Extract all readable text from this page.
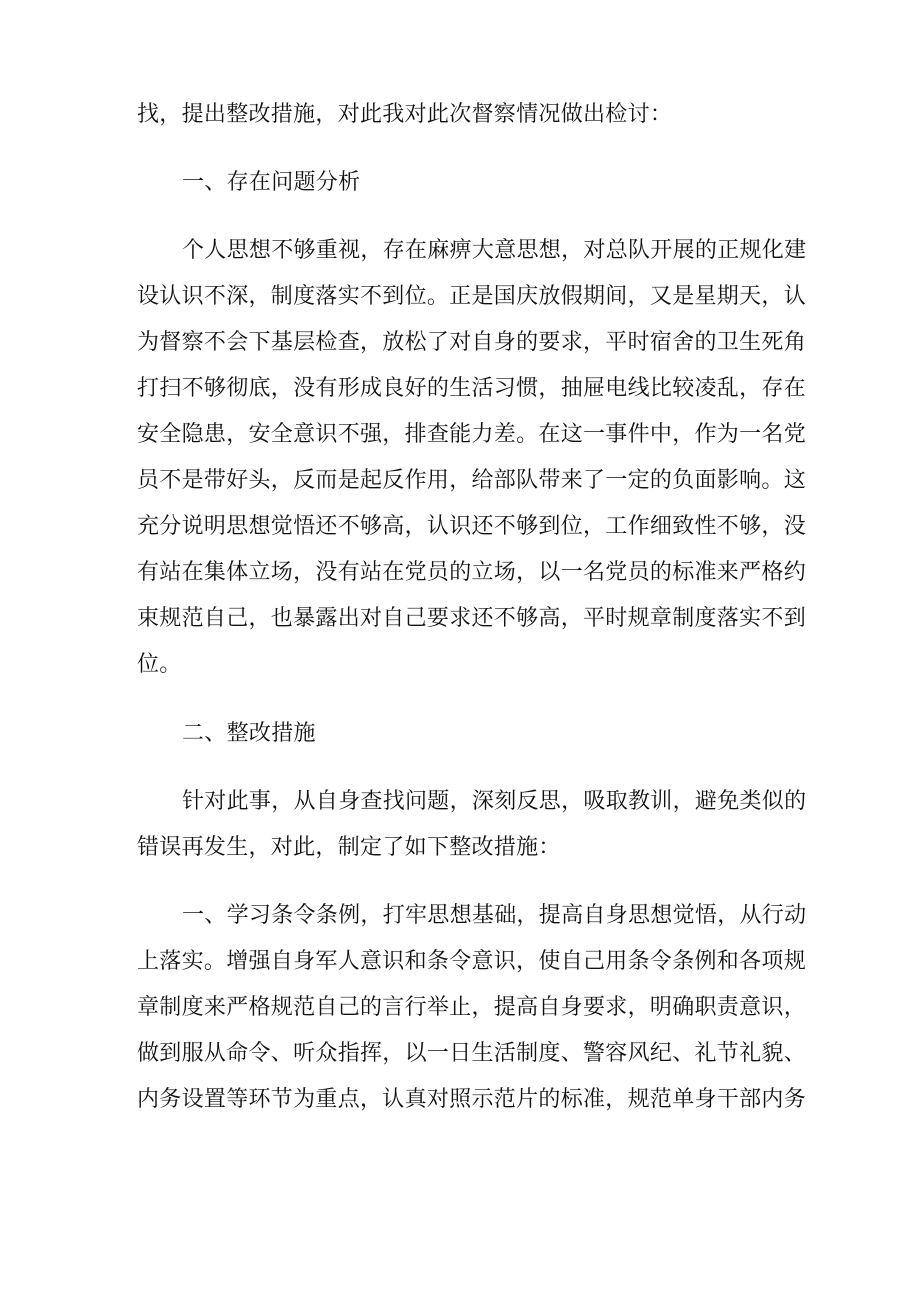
找，提出整改措施，对此我对此次督察情况做出检讨：
一、存在问题分析
个人思想不够重视，存在麻痹大意思想，对总队开展的正规化建
设认识不深，制度落实不到位。正是国庆放假期间，又是星期天，认
为督察不会下基层检查，放松了对自身的要求，平时宿舍的卫生死角
打扫不够彻底，没有形成良好的生活习惯，抽屉电线比较凌乱，存在
安全隐患，安全意识不强，排查能力差。在这一事件中，作为一名党
员不是带好头，反而是起反作用，给部队带来了一定的负面影响。这
充分说明思想觉悟还不够高，认识还不够到位，工作细致性不够，没
有站在集体立场，没有站在党员的立场，以一名党员的标准来严格约
束规范自己，也暴露出对自己要求还不够高，平时规章制度落实不到
位。
二、整改措施
针对此事，从自身查找问题，深刻反思，吸取教训，避免类似的
错误再发生，对此，制定了如下整改措施：
一、学习条令条例，打牢思想基础，提高自身思想觉悟，从行动
上落实。增强自身军人意识和条令意识，使自己用条令条例和各项规
章制度来严格规范自己的言行举止，提高自身要求，明确职责意识，
做到服从命令、听众指挥，以一日生活制度、警容风纪、礼节礼貌、
内务设置等环节为重点，认真对照示范片的标准，规范单身干部内务
